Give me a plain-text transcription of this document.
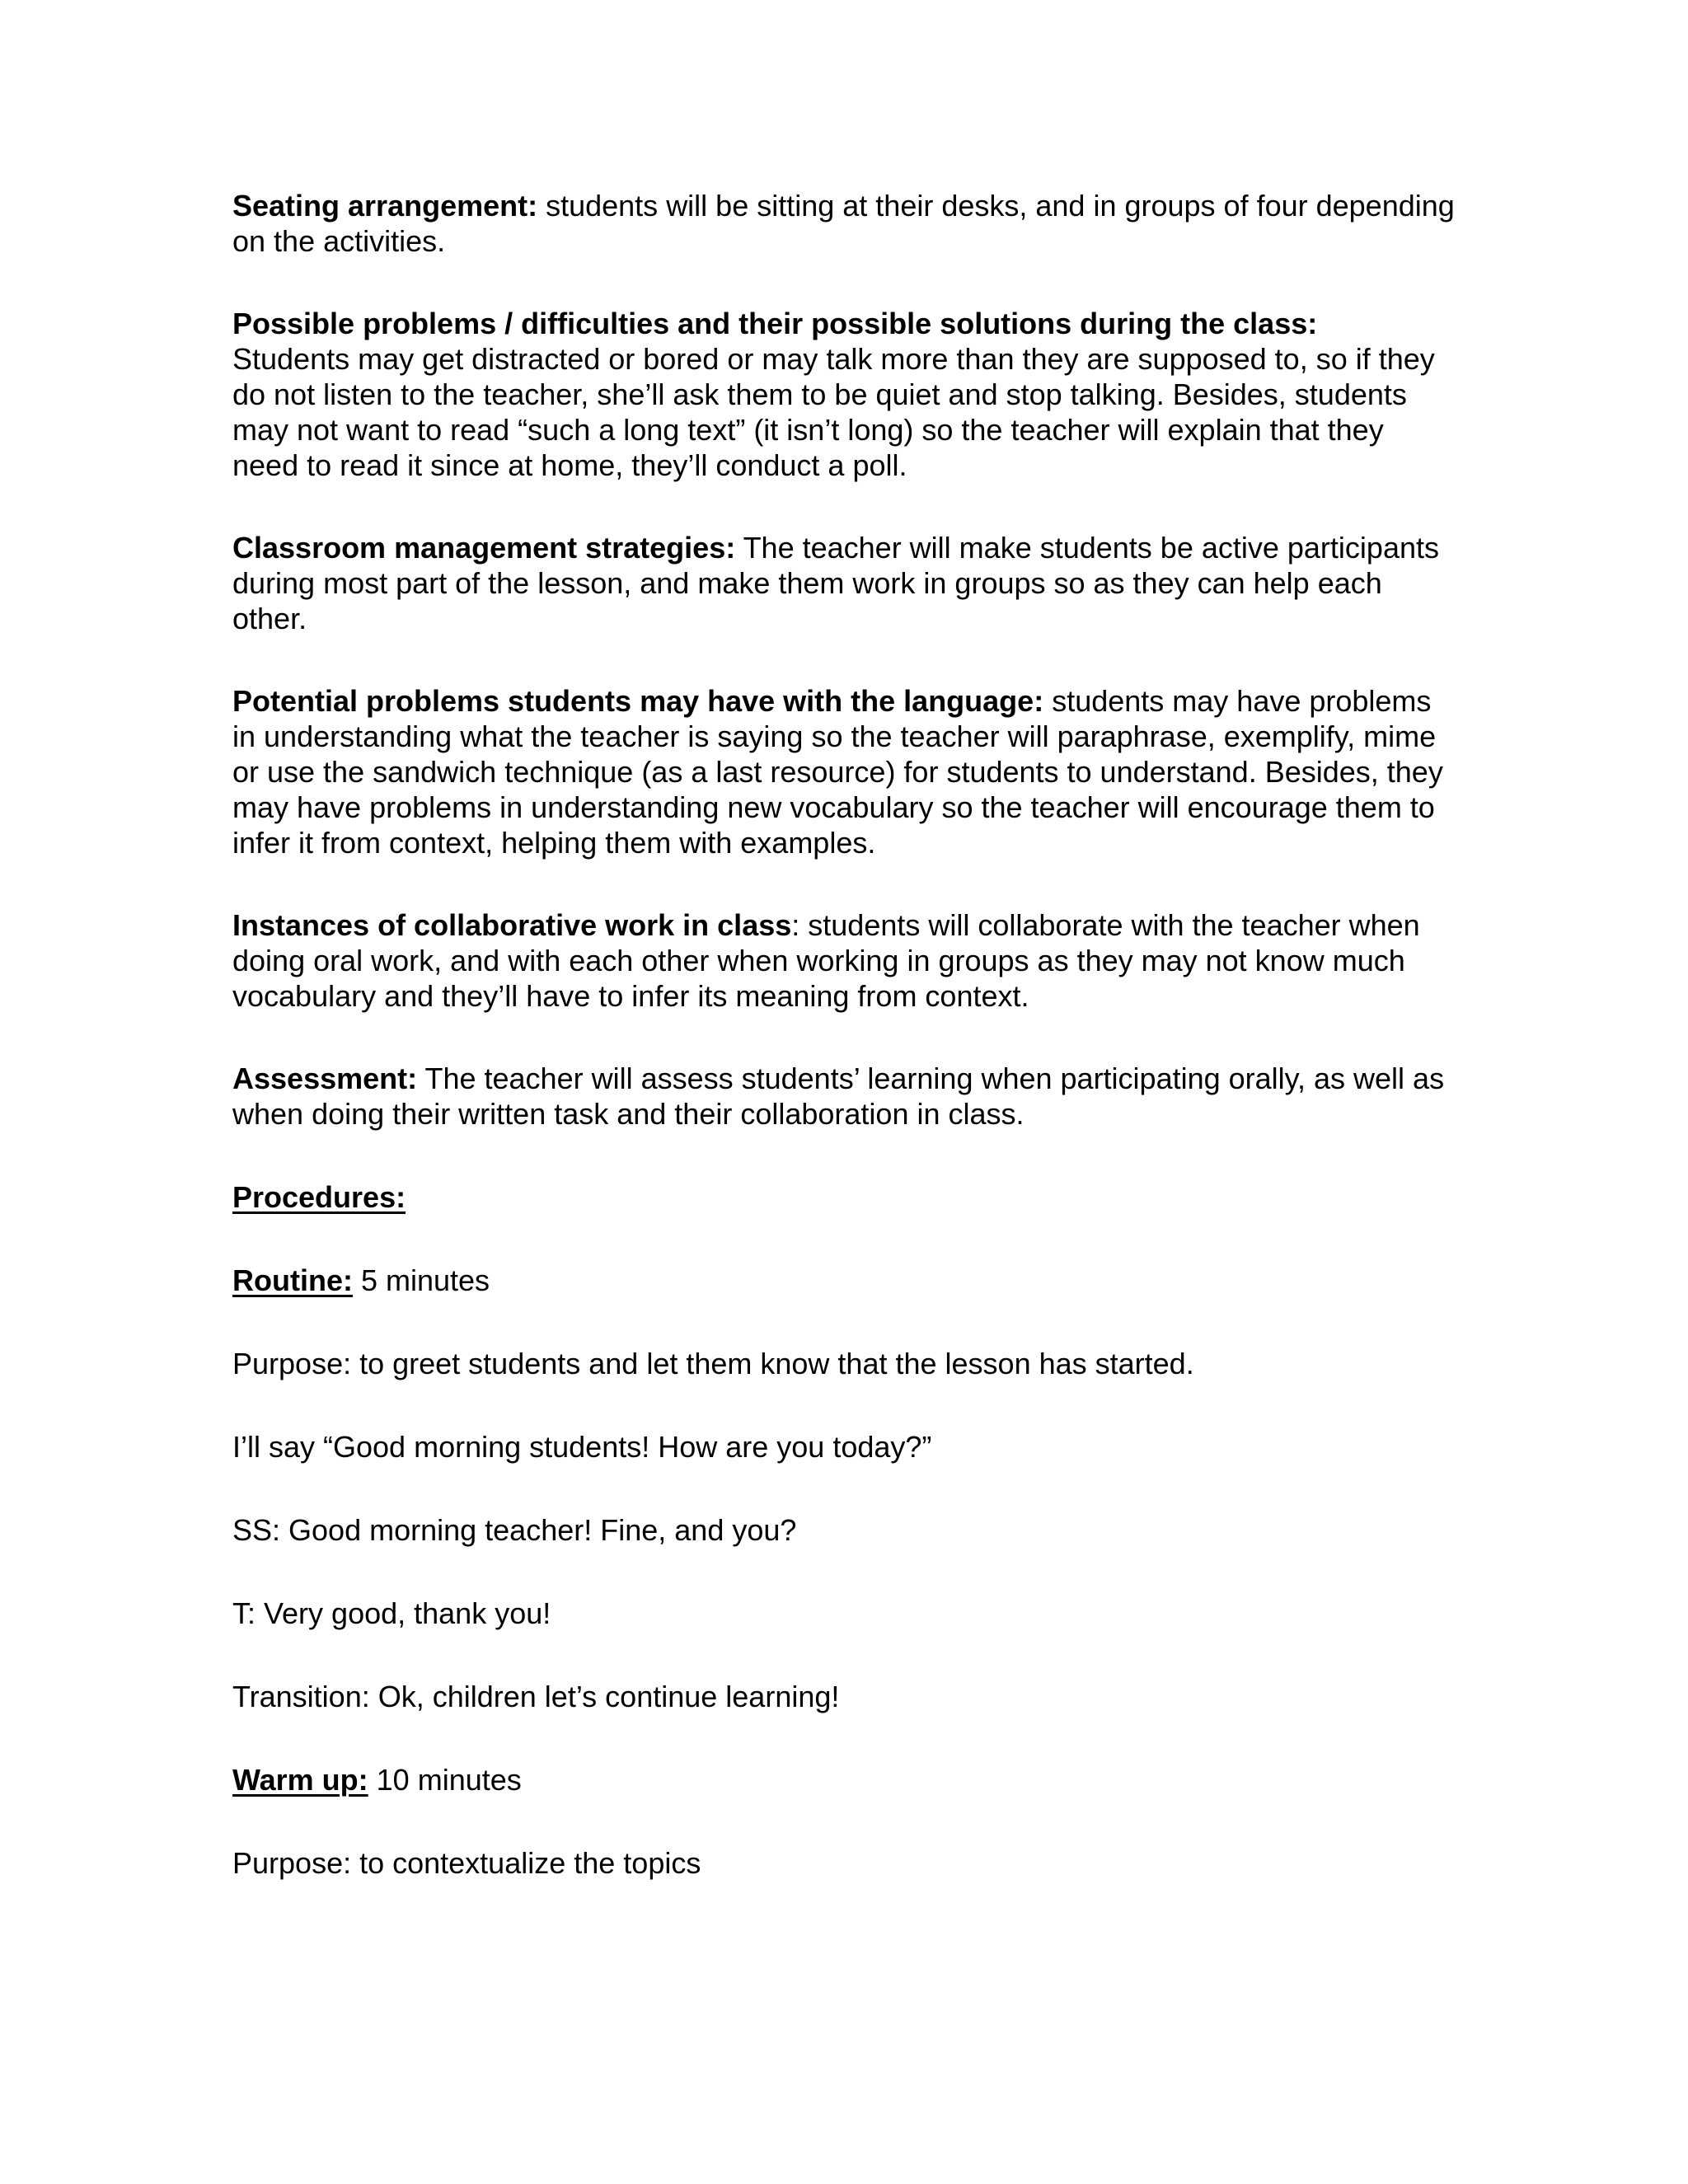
Seating arrangement: students will be sitting at their desks, and in groups of four depending on the activities.

Possible problems / difficulties and their possible solutions during the class:
Students may get distracted or bored or may talk more than they are supposed to, so if they do not listen to the teacher, she’ll ask them to be quiet and stop talking. Besides, students may not want to read “such a long text” (it isn’t long) so the teacher will explain that they need to read it since at home, they’ll conduct a poll.

Classroom management strategies: The teacher will make students be active participants during most part of the lesson, and make them work in groups so as they can help each other.

Potential problems students may have with the language: students may have problems in understanding what the teacher is saying so the teacher will paraphrase, exemplify, mime or use the sandwich technique (as a last resource) for students to understand. Besides, they may have problems in understanding new vocabulary so the teacher will encourage them to infer it from context, helping them with examples.

Instances of collaborative work in class: students will collaborate with the teacher when doing oral work, and with each other when working in groups as they may not know much vocabulary and they’ll have to infer its meaning from context.

Assessment: The teacher will assess students’ learning when participating orally, as well as when doing their written task and their collaboration in class.

Procedures:

Routine: 5 minutes

Purpose: to greet students and let them know that the lesson has started.

I’ll say “Good morning students! How are you today?”

SS: Good morning teacher! Fine, and you?

T: Very good, thank you!

Transition: Ok, children let’s continue learning!

Warm up: 10 minutes

Purpose: to contextualize the topics
